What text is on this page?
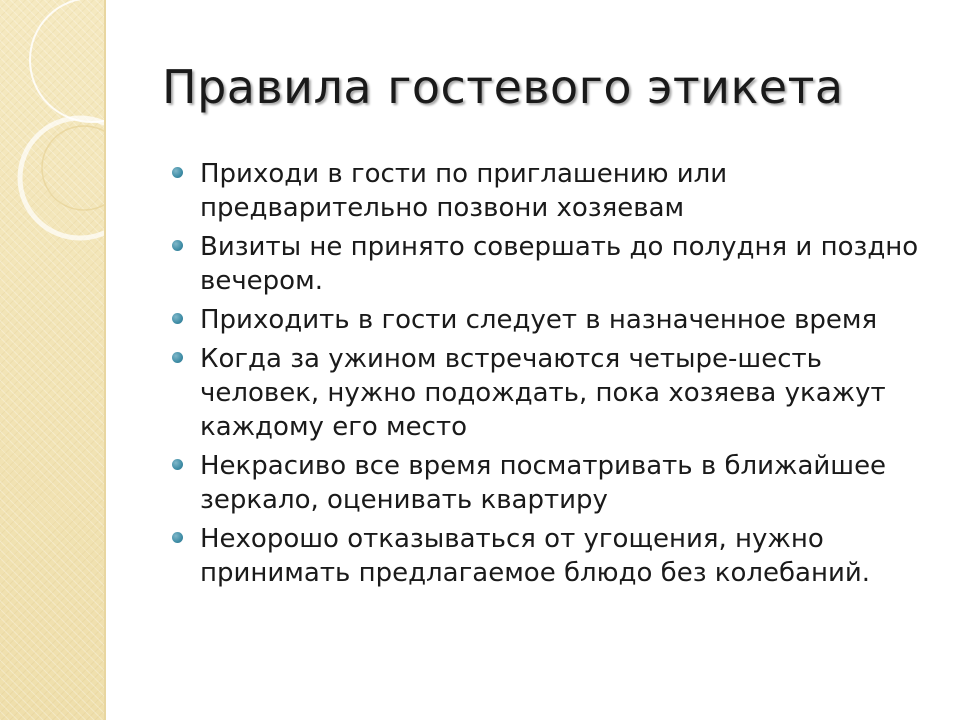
Правила гостевого этикета
Приходи в гости по приглашению или предварительно позвони хозяевам
Визиты не принято совершать до полудня и поздно вечером.
Приходить в гости следует в назначенное время
Когда за ужином встречаются четыре-шесть человек, нужно подождать, пока хозяева укажут каждому его место
Некрасиво все время посматривать в ближайшее зеркало, оценивать квартиру
Нехорошо отказываться от угощения, нужно принимать предлагаемое блюдо без колебаний.
